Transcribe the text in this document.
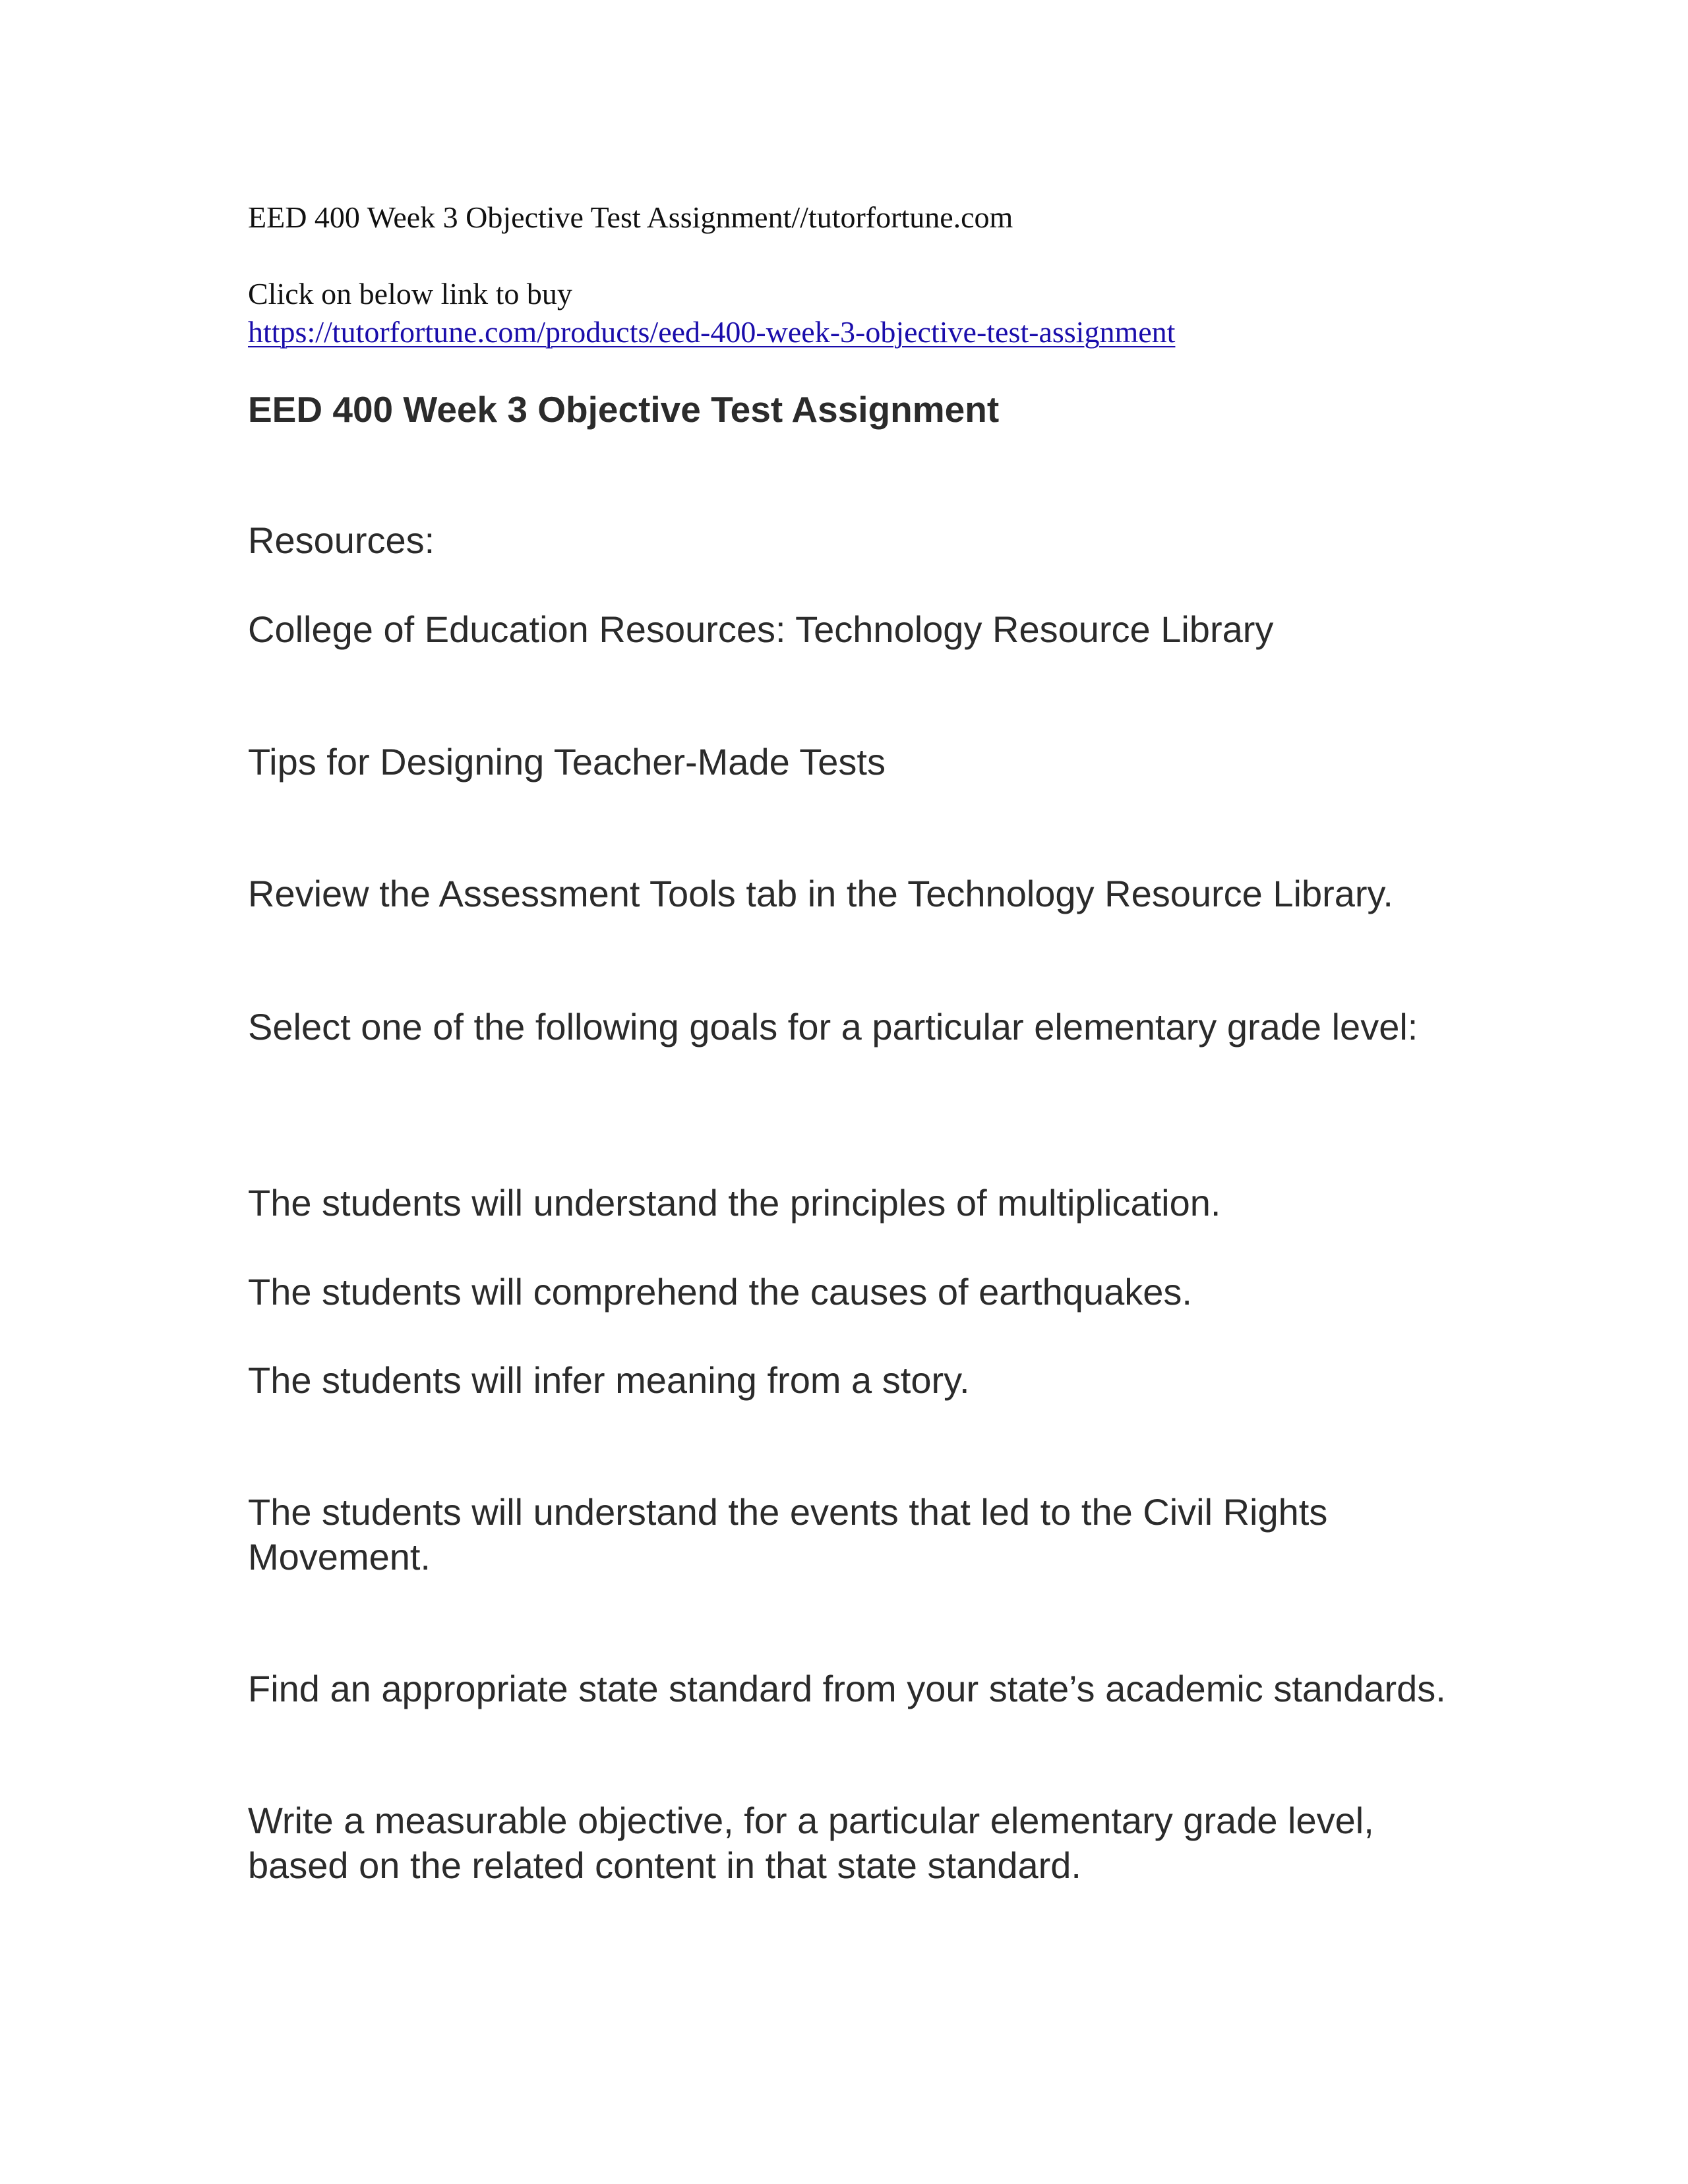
EED 400 Week 3 Objective Test Assignment//tutorfortune.com

Click on below link to buy

https://tutorfortune.com/products/eed-400-week-3-objective-test-assignment
EED 400 Week 3 Objective Test Assignment

Resources:

College of Education Resources: Technology Resource Library

Tips for Designing Teacher-Made Tests

Review the Assessment Tools tab in the Technology Resource Library.

Select one of the following goals for a particular elementary grade level:

The students will understand the principles of multiplication.

The students will comprehend the causes of earthquakes.

The students will infer meaning from a story.

The students will understand the events that led to the Civil Rights Movement.

Find an appropriate state standard from your state’s academic standards.

Write a measurable objective, for a particular elementary grade level, based on the related content in that state standard.
